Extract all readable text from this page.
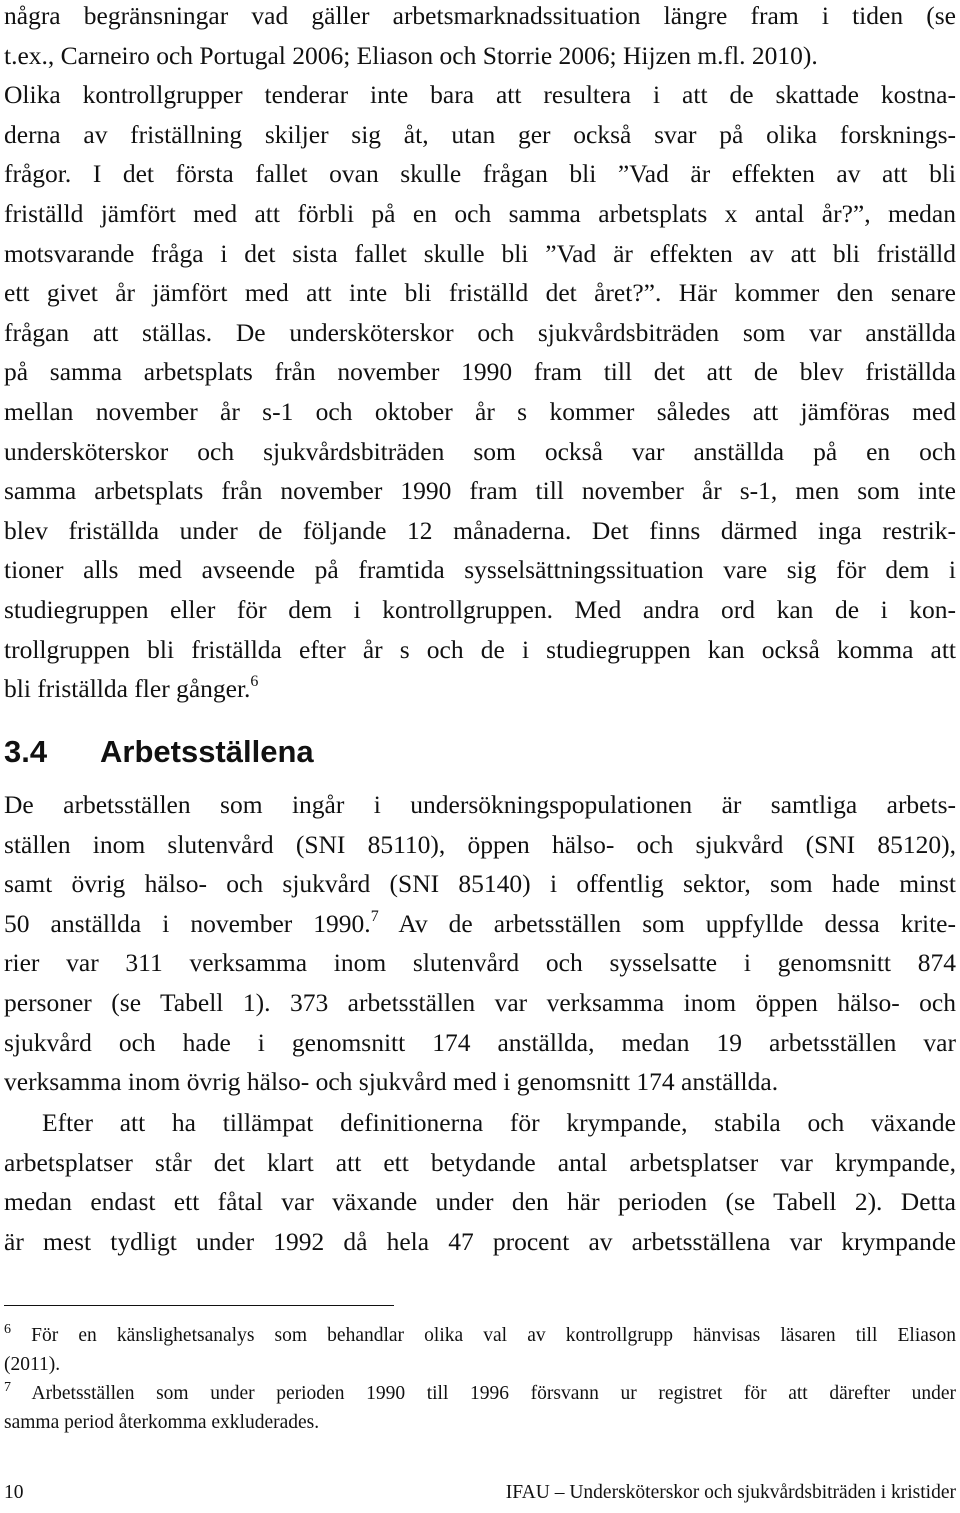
några begränsningar vad gäller arbetsmarknadssituation längre fram i tiden (se
t.ex., Carneiro och Portugal 2006; Eliason och Storrie 2006; Hijzen m.fl. 2010).
Olika kontrollgrupper tenderar inte bara att resultera i att de skattade kostna-
derna av friställning skiljer sig åt, utan ger också svar på olika forsknings-
frågor. I det första fallet ovan skulle frågan bli ”Vad är effekten av att bli
friställd jämfört med att förbli på en och samma arbetsplats x antal år?”, medan
motsvarande fråga i det sista fallet skulle bli ”Vad är effekten av att bli friställd
ett givet år jämfört med att inte bli friställd det året?”. Här kommer den senare
frågan att ställas. De undersköterskor och sjukvårdsbiträden som var anställda
på samma arbetsplats från november 1990 fram till det att de blev friställda
mellan november år s-1 och oktober år s kommer således att jämföras med
undersköterskor och sjukvårdsbiträden som också var anställda på en och
samma arbetsplats från november 1990 fram till november år s-1, men som inte
blev friställda under de följande 12 månaderna. Det finns därmed inga restrik-
tioner alls med avseende på framtida sysselsättningssituation vare sig för dem i
studiegruppen eller för dem i kontrollgruppen. Med andra ord kan de i kon-
trollgruppen bli friställda efter år s och de i studiegruppen kan också komma att
bli friställda fler gånger.$^6$
3.4 Arbetsställena
De arbetsställen som ingår i undersökningspopulationen är samtliga arbets-
ställen inom slutenvård (SNI 85110), öppen hälso- och sjukvård (SNI 85120),
samt övrig hälso- och sjukvård (SNI 85140) i offentlig sektor, som hade minst
50 anställda i november 1990.$^7$ Av de arbetsställen som uppfyllde dessa krite-
rier var 311 verksamma inom slutenvård och sysselsatte i genomsnitt 874
personer (se Tabell 1). 373 arbetsställen var verksamma inom öppen hälso- och
sjukvård och hade i genomsnitt 174 anställda, medan 19 arbetsställen var
verksamma inom övrig hälso- och sjukvård med i genomsnitt 174 anställda.
Efter att ha tillämpat definitionerna för krympande, stabila och växande
arbetsplatser står det klart att ett betydande antal arbetsplatser var krympande,
medan endast ett fåtal var växande under den här perioden (se Tabell 2). Detta
är mest tydligt under 1992 då hela 47 procent av arbetsställena var krympande
$^6$ För en känslighetsanalys som behandlar olika val av kontrollgrupp hänvisas läsaren till Eliason
(2011).
$^7$ Arbetsställen som under perioden 1990 till 1996 försvann ur registret för att därefter under
samma period återkomma exkluderades.
10	IFAU – Undersköterskor och sjukvårdsbiträden i kristider
